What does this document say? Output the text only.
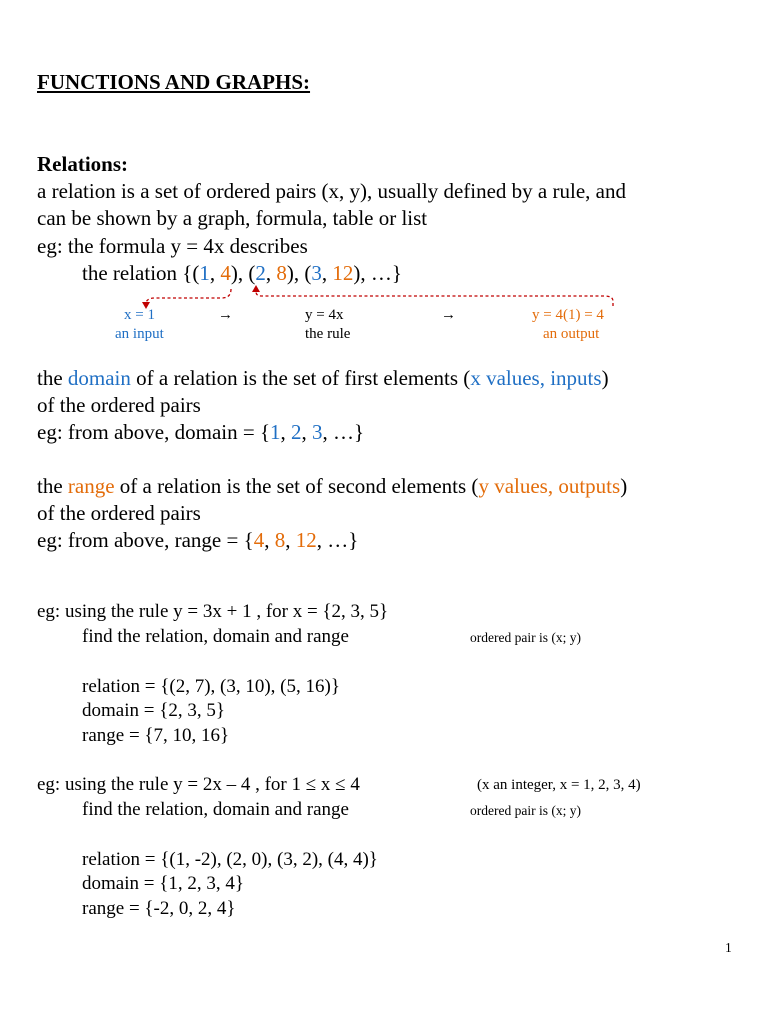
FUNCTIONS AND GRAPHS:
Relations:
a relation is a set of ordered pairs (x, y), usually defined by a rule, and
can be shown by a graph, formula, table or list
eg: the formula y = 4x describes
the relation {(1, 4), (2, 8), (3, 12), …}
x = 1
an input
→	y = 4x
the rule
→	y = 4(1) = 4
an output
the domain of a relation is the set of first elements (x values, inputs)
of the ordered pairs
eg: from above, domain = {1, 2, 3, …}
the range of a relation is the set of second elements (y values, outputs)
of the ordered pairs
eg: from above, range = {4, 8, 12, …}
eg: using the rule y = 3x + 1 , for x = {2, 3, 5}
find the relation, domain and range	ordered pair is (x; y)
relation = {(2, 7), (3, 10), (5, 16)}
domain = {2, 3, 5}
range = {7, 10, 16}
eg: using the rule y = 2x – 4 , for 1 ≤ x ≤ 4	(x an integer, x = 1, 2, 3, 4)
find the relation, domain and range	ordered pair is (x; y)
relation = {(1, -2), (2, 0), (3, 2), (4, 4)}
domain = {1, 2, 3, 4}
range = {-2, 0, 2, 4}
1
